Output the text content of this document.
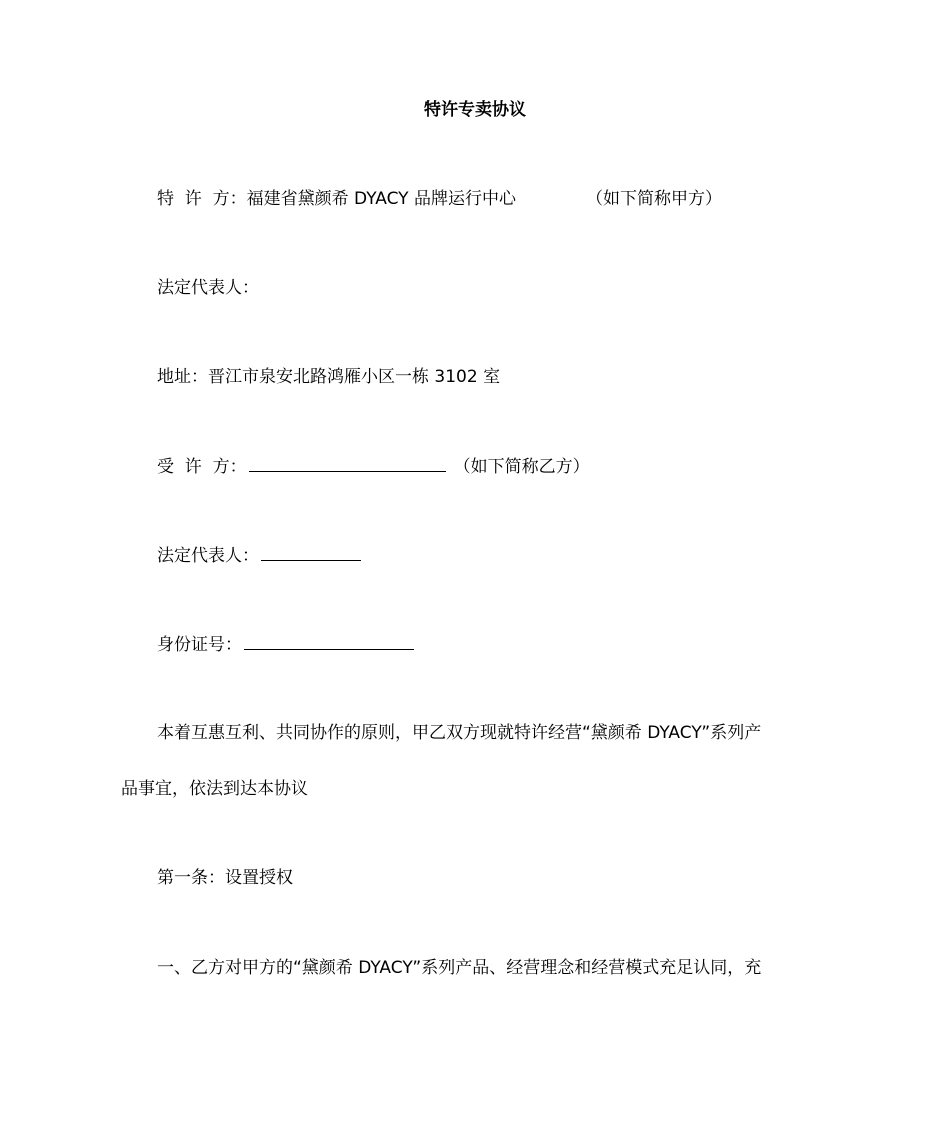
特许专卖协议
特  许  方：福建省黛颜希 DYACY 品牌运行中心	（如下简称甲方）
法定代表人：
地址：晋江市泉安北路鸿雁小区一栋 3102 室
受  许  方：	（如下简称乙方）
法定代表人：
身份证号：
本着互惠互利、共同协作的原则，甲乙双方现就特许经营“黛颜希 DYACY”系列产
品事宜，依法到达本协议
第一条：设置授权
一、乙方对甲方的“黛颜希 DYACY”系列产品、经营理念和经营模式充足认同，充
